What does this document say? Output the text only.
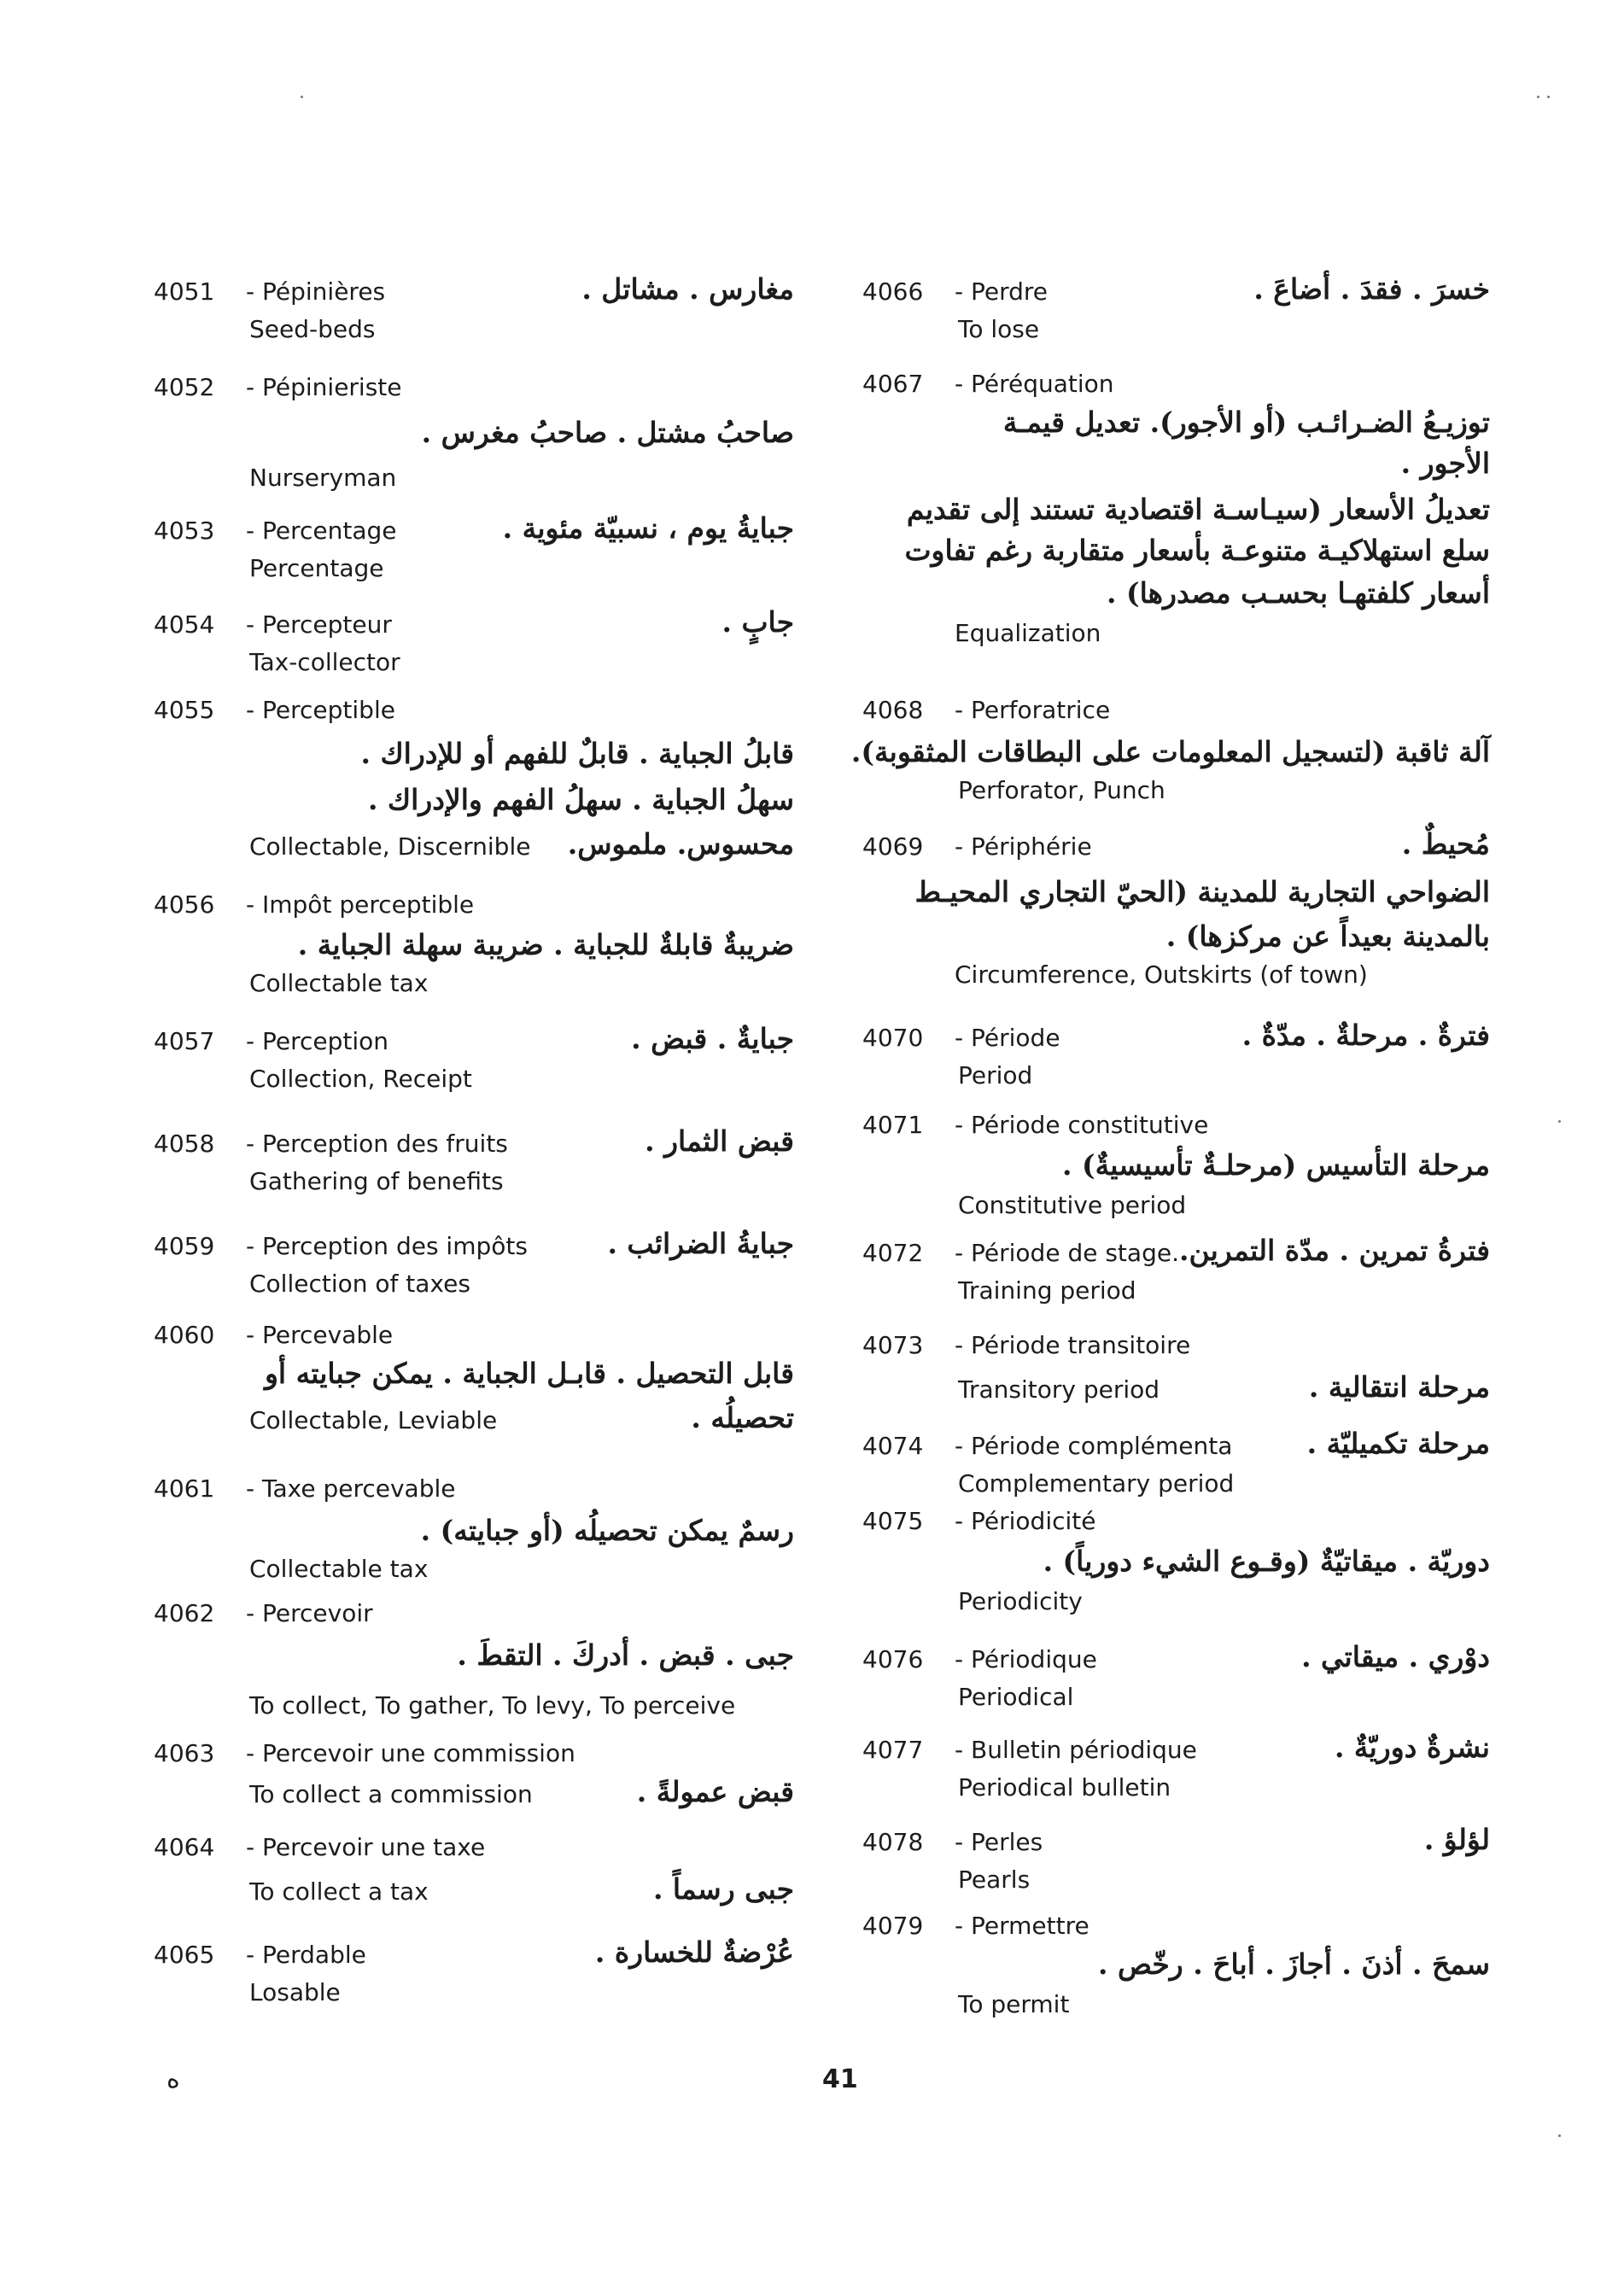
4051 - Pépinières	مغارس . مشاتل .
Seed-beds
4052 - Pépinieriste
صاحبُ مشتل . صاحبُ مغرس .
Nurseryman
4053 - Percentage	جبايةُ يوم ، نسبيّة مئوية .
Percentage
4054 - Percepteur	جابٍ .
Tax-collector
4055 - Perceptible
قابلُ الجباية . قابلٌ للفهم أو للإدراك .
سهلُ الجباية . سهلُ الفهم والإدراك .
Collectable, Discernible محسوس. ملموس.
4056 - Impôt perceptible
ضريبةٌ قابلةٌ للجباية . ضريبة سهلة الجباية .
Collectable tax
4057 - Perception	جبايةٌ . قبض .
Collection, Receipt
4058 - Perception des fruits	قبض الثمار .
Gathering of benefits
4059 - Perception des impôts	جبايةُ الضرائب .
Collection of taxes
4060 - Percevable
قابل التحصيل . قابـل الجباية . يمكن جبايته أو
Collectable, Leviable	تحصيلُه .
4061 - Taxe percevable
رسمٌ يمكن تحصيلُه (أو جبايته) .
Collectable tax
4062 - Percevoir
جبى . قبض . أدركَ . التقطَ .
To collect, To gather, To levy, To perceive
4063 - Percevoir une commission
To collect a commission	قبض عمولةً .
4064 - Percevoir une taxe
To collect a tax	جبى رسماً .
4065 - Perdable	عُرْضةٌ للخسارة .
Losable
4066 - Perdre	خسرَ . فقدَ . أضاعَ .
To lose
4067 - Péréquation
توزيـعُ الضـرائـب (أو الأجور). تعديل قيمـة
الأجور .
تعديلُ الأسعار (سيـاسـة اقتصادية تستند إلى تقديم
سلع استهلاكيـة متنوعـة بأسعار متقاربة رغم تفاوت
أسعار كلفتهـا بحسـب مصدرها) .
Equalization
4068 - Perforatrice
آلة ثاقبة (لتسجيل المعلومات على البطاقات المثقوبة).
Perforator, Punch
4069 - Périphérie	مُحيطٌ .
الضواحي التجارية للمدينة (الحيّ التجاري المحيـط
بالمدينة بعيداً عن مركزها) .
Circumference, Outskirts (of town)
4070 - Période	فترةٌ . مرحلةٌ . مدّةٌ .
Period
4071 - Période constitutive
مرحلة التأسيس (مرحلـةٌ تأسيسيةٌ) .
Constitutive period
4072 - Période de stage. فترةُ تمرين . مدّة التمرين.
Training period
4073 - Période transitoire
Transitory period	مرحلة انتقالية .
4074 - Période complémenta	مرحلة تكميليّة .
Complementary period
4075 - Périodicité
دوريّة . ميقاتيّةٌ (وقـوع الشيء دورياً) .
Periodicity
4076 - Périodique	دوْري . ميقاتي .
Periodical
4077 - Bulletin périodique	نشرةٌ دوريّةٌ .
Periodical bulletin
4078 - Perles	لؤلؤ .
Pearls
4079 - Permettre
سمحَ . أذنَ . أجازَ . أباحَ . رخّص .
To permit
ﻩ	41
